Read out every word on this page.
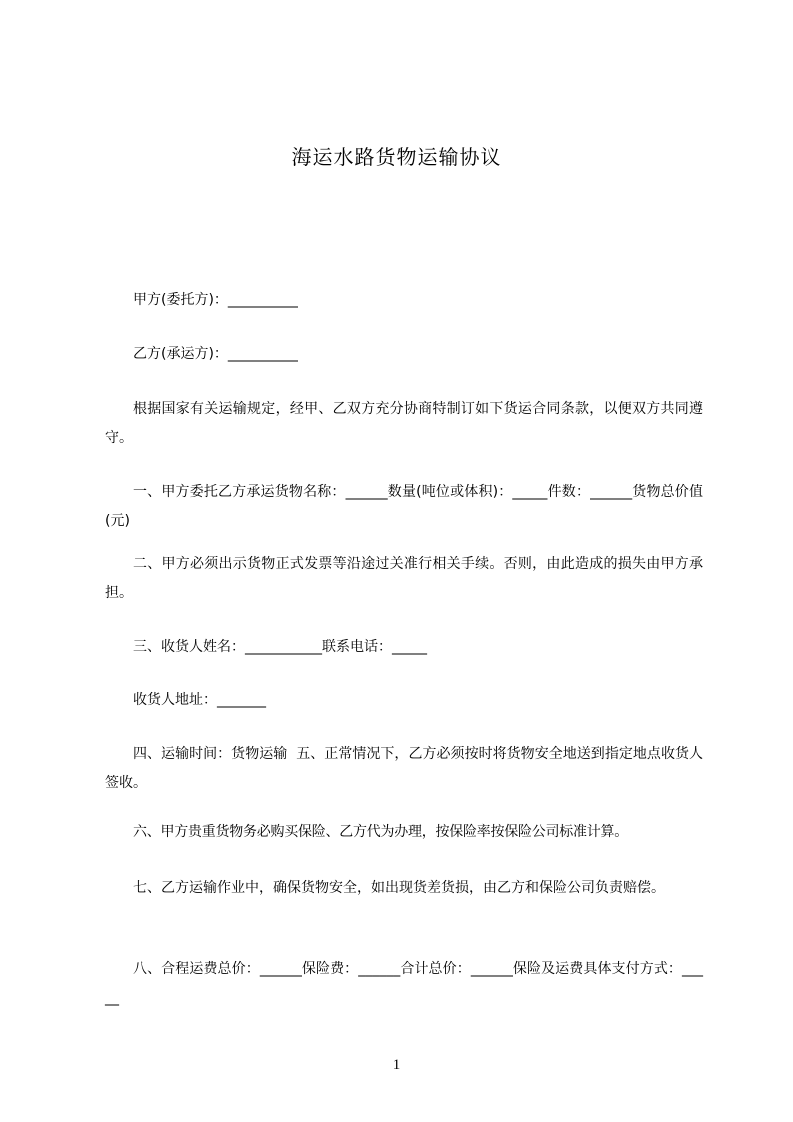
海运水路货物运输协议
甲方(委托方)：__________
乙方(承运方)：__________
根据国家有关运输规定，经甲、乙双方充分协商特制订如下货运合同条款，以便双方共同遵守。
一、甲方委托乙方承运货物名称：______数量(吨位或体积)：_____件数：______货物总价值(元)
二、甲方必须出示货物正式发票等沿途过关准行相关手续。否则，由此造成的损失由甲方承担。
三、收货人姓名：___________联系电话：_____
收货人地址：_______
四、运输时间：货物运输  五、正常情况下，乙方必须按时将货物安全地送到指定地点收货人签收。
六、甲方贵重货物务必购买保险、乙方代为办理，按保险率按保险公司标准计算。
七、乙方运输作业中，确保货物安全，如出现货差货损，由乙方和保险公司负责赔偿。
八、合程运费总价：______保险费：______合计总价：______保险及运费具体支付方式：_____
1
